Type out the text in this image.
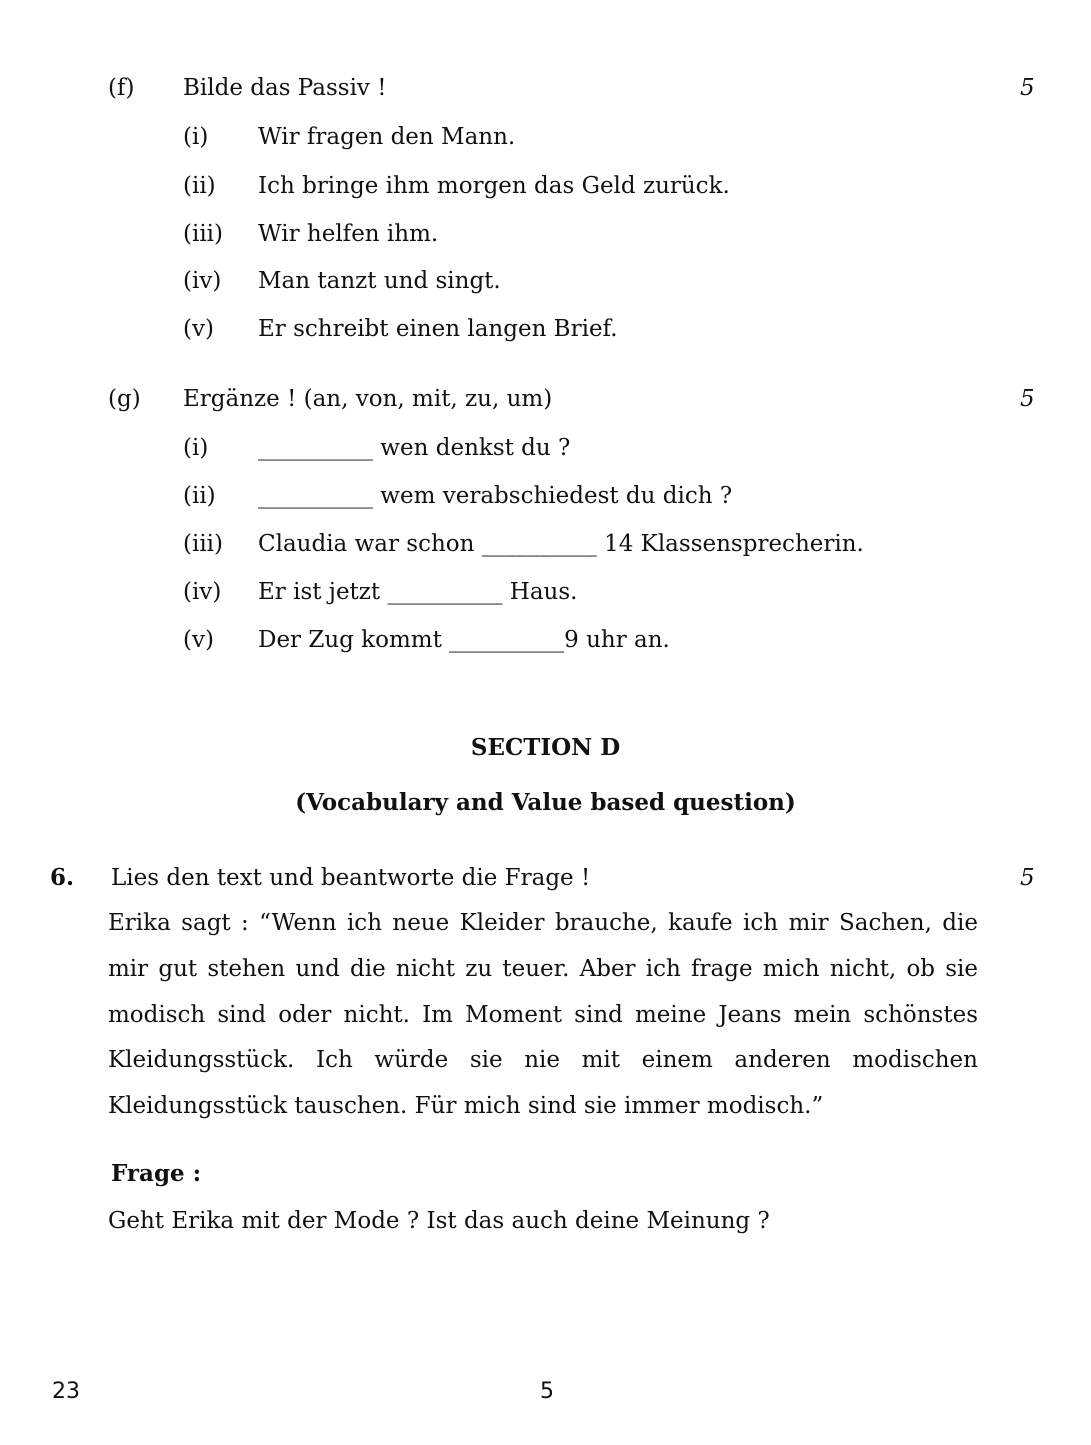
(f) Bilde das Passiv !	5
(i) Wir fragen den Mann.
(ii) Ich bringe ihm morgen das Geld zurück.
(iii) Wir helfen ihm.
(iv) Man tanzt und singt.
(v) Er schreibt einen langen Brief.
(g) Ergänze ! (an, von, mit, zu, um)	5
(i) __________ wen denkst du ?
(ii) __________ wem verabschiedest du dich ?
(iii) Claudia war schon __________ 14 Klassensprecherin.
(iv) Er ist jetzt __________ Haus.
(v) Der Zug kommt __________9 uhr an.
SECTION D
(Vocabulary and Value based question)
6. Lies den text und beantworte die Frage !	5
Erika sagt : “Wenn ich neue Kleider brauche, kaufe ich mir Sachen, die mir gut stehen und die nicht zu teuer. Aber ich frage mich nicht, ob sie modisch sind oder nicht. Im Moment sind meine Jeans mein schönstes Kleidungsstück. Ich würde sie nie mit einem anderen modischen Kleidungsstück tauschen. Für mich sind sie immer modisch.”
Frage :
Geht Erika mit der Mode ? Ist das auch deine Meinung ?
23	5
